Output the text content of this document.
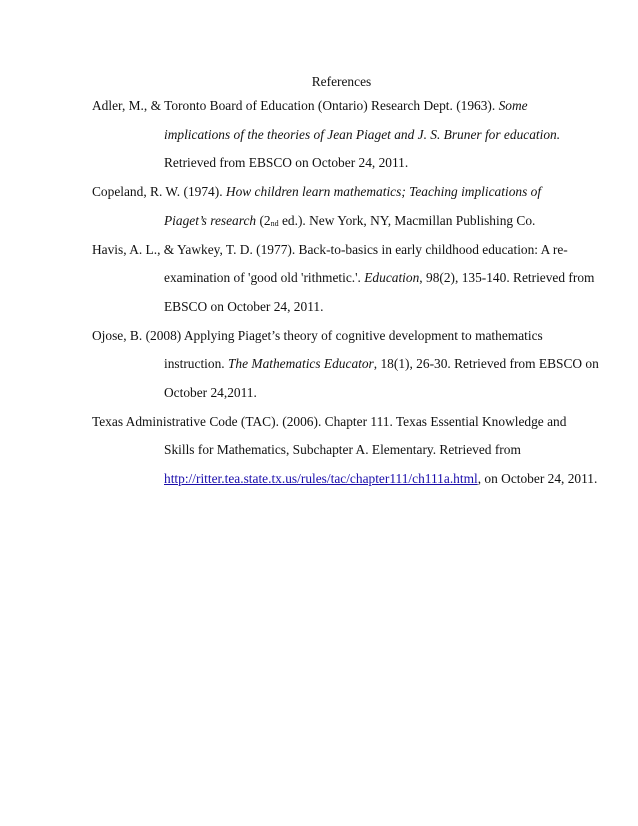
References

Adler, M., & Toronto Board of Education (Ontario) Research Dept. (1963). Some
implications of the theories of Jean Piaget and J. S. Bruner for education.
Retrieved from EBSCO on October 24, 2011.

Copeland, R. W. (1974). How children learn mathematics; Teaching implications of
Piaget’s research ($2_{nd}$ ed.). New York, NY, Macmillan Publishing Co.

Havis, A. L., & Yawkey, T. D. (1977). Back-to-basics in early childhood education: A re-
examination of 'good old 'rithmetic.'. Education, 98(2), 135-140. Retrieved from
EBSCO on October 24, 2011.

Ojose, B. (2008) Applying Piaget’s theory of cognitive development to mathematics
instruction. The Mathematics Educator, 18(1), 26-30. Retrieved from EBSCO on
October 24,2011.

Texas Administrative Code (TAC). (2006). Chapter 111. Texas Essential Knowledge and
Skills for Mathematics, Subchapter A. Elementary. Retrieved from
http://ritter.tea.state.tx.us/rules/tac/chapter111/ch111a.html, on October 24, 2011.
